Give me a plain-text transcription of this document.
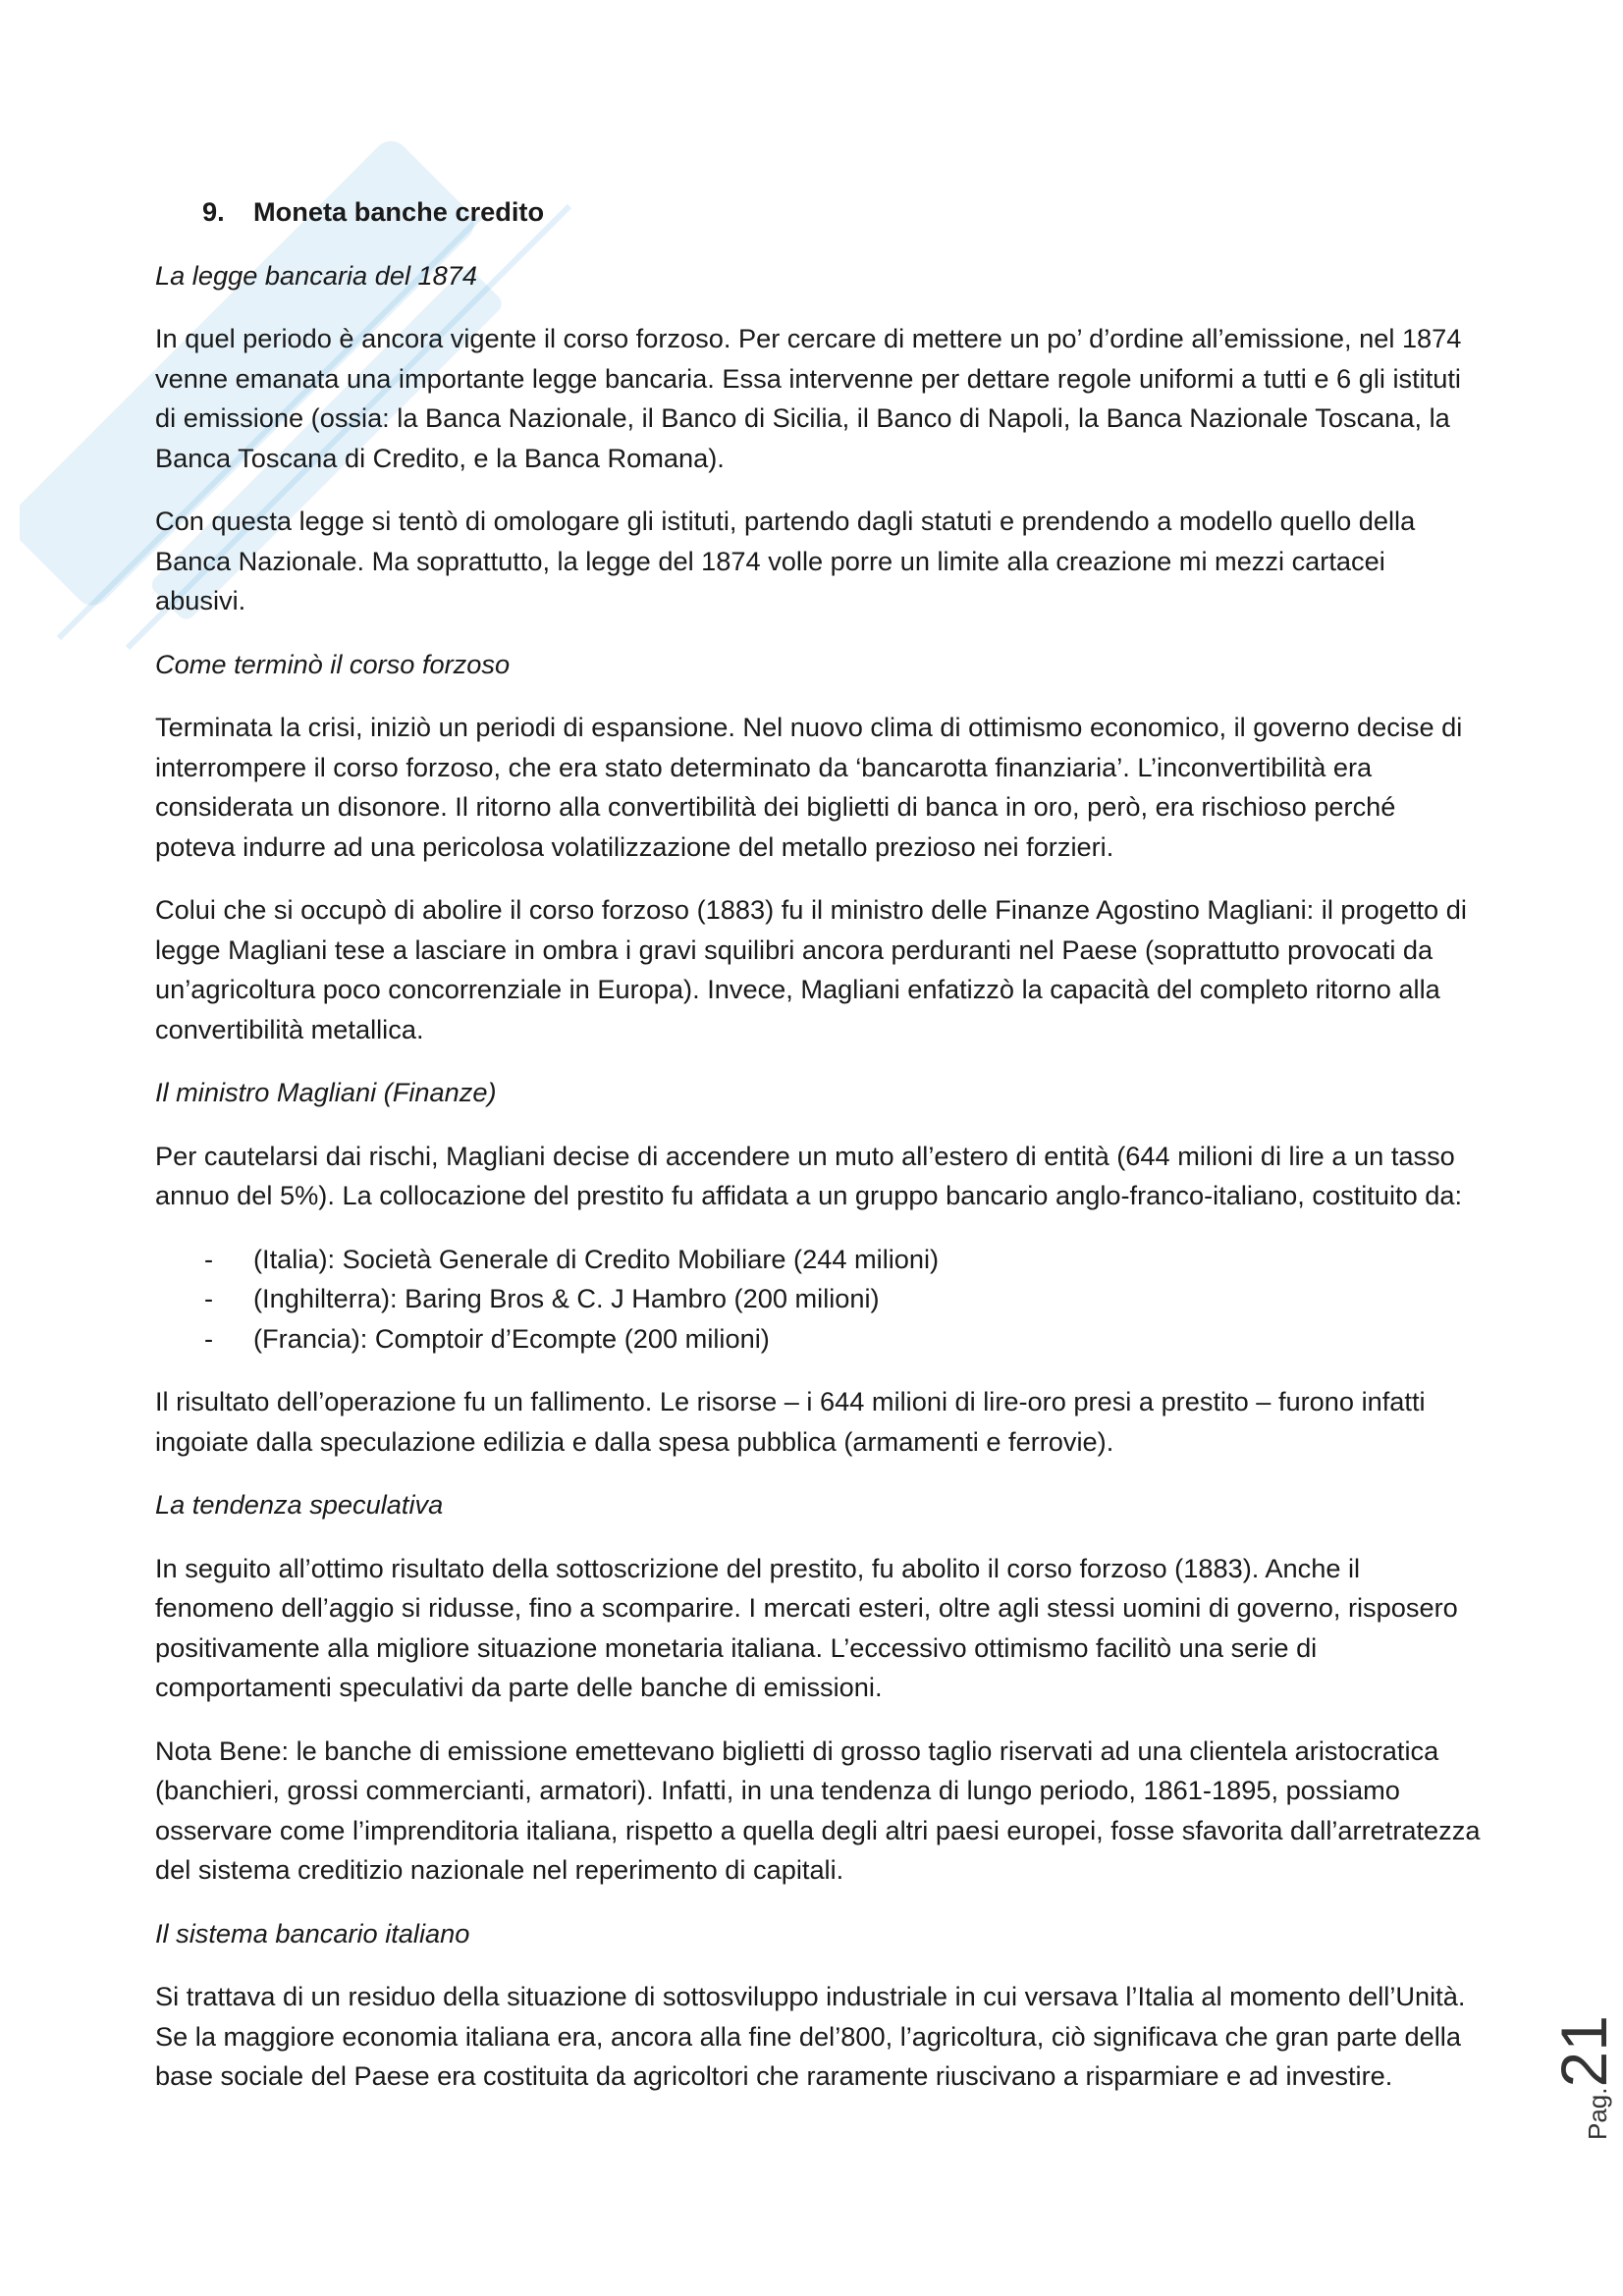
9. Moneta banche credito
La legge bancaria del 1874

In quel periodo è ancora vigente il corso forzoso. Per cercare di mettere un po’ d’ordine all’emissione, nel 1874 venne emanata una importante legge bancaria. Essa intervenne per dettare regole uniformi a tutti e 6 gli istituti di emissione (ossia: la Banca Nazionale, il Banco di Sicilia, il Banco di Napoli, la Banca Nazionale Toscana, la Banca Toscana di Credito, e la Banca Romana).

Con questa legge si tentò di omologare gli istituti, partendo dagli statuti e prendendo a modello quello della Banca Nazionale. Ma soprattutto, la legge del 1874 volle porre un limite alla creazione mi mezzi cartacei abusivi.

Come terminò il corso forzoso

Terminata la crisi, iniziò un periodi di espansione. Nel nuovo clima di ottimismo economico, il governo decise di interrompere il corso forzoso, che era stato determinato da ‘bancarotta finanziaria’. L’inconvertibilità era considerata un disonore. Il ritorno alla convertibilità dei biglietti di banca in oro, però, era rischioso perché poteva indurre ad una pericolosa volatilizzazione del metallo prezioso nei forzieri.

Colui che si occupò di abolire il corso forzoso (1883) fu il ministro delle Finanze Agostino Magliani: il progetto di legge Magliani tese a lasciare in ombra i gravi squilibri ancora perduranti nel Paese (soprattutto provocati da un’agricoltura poco concorrenziale in Europa). Invece, Magliani enfatizzò la capacità del completo ritorno alla convertibilità metallica.

Il ministro Magliani (Finanze)

Per cautelarsi dai rischi, Magliani decise di accendere un muto all’estero di entità (644 milioni di lire a un tasso annuo del 5%). La collocazione del prestito fu affidata a un gruppo bancario anglo-franco-italiano, costituito da:

- (Italia): Società Generale di Credito Mobiliare (244 milioni)
- (Inghilterra): Baring Bros & C. J Hambro (200 milioni)
- (Francia): Comptoir d’Ecompte (200 milioni)

Il risultato dell’operazione fu un fallimento. Le risorse – i 644 milioni di lire-oro presi a prestito – furono infatti ingoiate dalla speculazione edilizia e dalla spesa pubblica (armamenti e ferrovie).

La tendenza speculativa

In seguito all’ottimo risultato della sottoscrizione del prestito, fu abolito il corso forzoso (1883). Anche il fenomeno dell’aggio si ridusse, fino a scomparire. I mercati esteri, oltre agli stessi uomini di governo, risposero positivamente alla migliore situazione monetaria italiana. L’eccessivo ottimismo facilitò una serie di comportamenti speculativi da parte delle banche di emissioni.

Nota Bene: le banche di emissione emettevano biglietti di grosso taglio riservati ad una clientela aristocratica (banchieri, grossi commercianti, armatori). Infatti, in una tendenza di lungo periodo, 1861-1895, possiamo osservare come l’imprenditoria italiana, rispetto a quella degli altri paesi europei, fosse sfavorita dall’arretratezza del sistema creditizio nazionale nel reperimento di capitali.

Il sistema bancario italiano

Si trattava di un residuo della situazione di sottosviluppo industriale in cui versava l’Italia al momento dell’Unità. Se la maggiore economia italiana era, ancora alla fine del’800, l’agricoltura, ciò significava che gran parte della base sociale del Paese era costituita da agricoltori che raramente riuscivano a risparmiare e ad investire.

Pag.21
